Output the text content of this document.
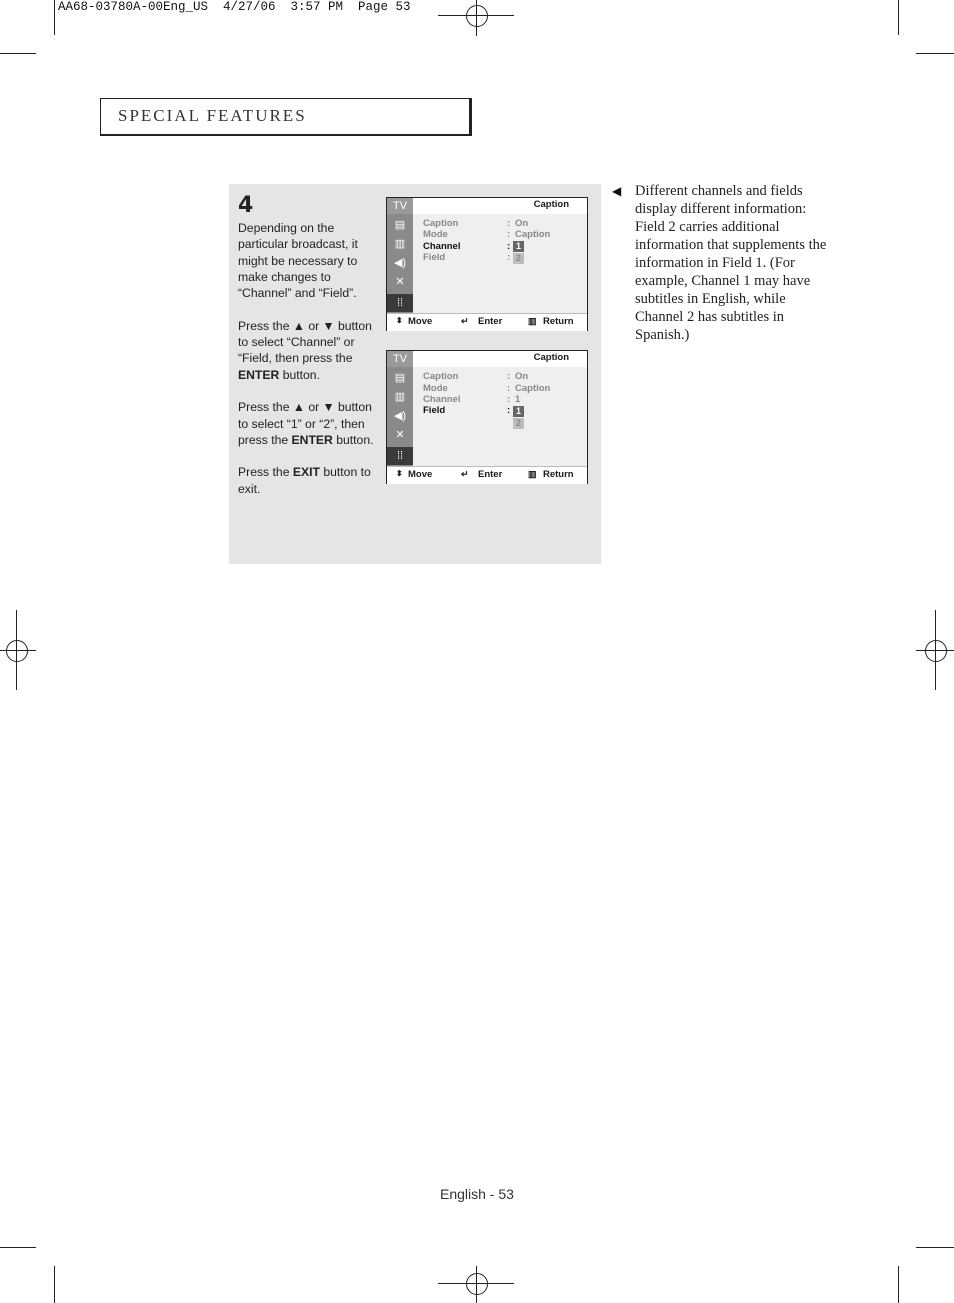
AA68-03780A-00Eng_US  4/27/06  3:57 PM  Page 53
SPECIAL FEATURES
4

Depending on the particular broadcast, it might be necessary to make changes to “Channel” and “Field”.

Press the ▲ or ▼ button to select “Channel” or “Field, then press the ENTER button.

Press the ▲ or ▼ button to select “1” or “2”, then press the ENTER button.

Press the EXIT button to exit.

TV
▤
▥
◀)
✕
⁞⁞
Caption
Caption	: On
Mode	: Caption
Channel	: 1
Field	: 2
⬍ Move	↵ Enter	▥ Return
TV
▤
▥
◀)
✕
⁞⁞
Caption
Caption	: On
Mode	: Caption
Channel	: 1
Field	: 1
2
⬍ Move	↵ Enter	▥ Return
◀ Different channels and fields display different information: Field 2 carries additional information that supplements the information in Field 1. (For example, Channel 1 may have subtitles in English, while Channel 2 has subtitles in Spanish.)
English - 53
